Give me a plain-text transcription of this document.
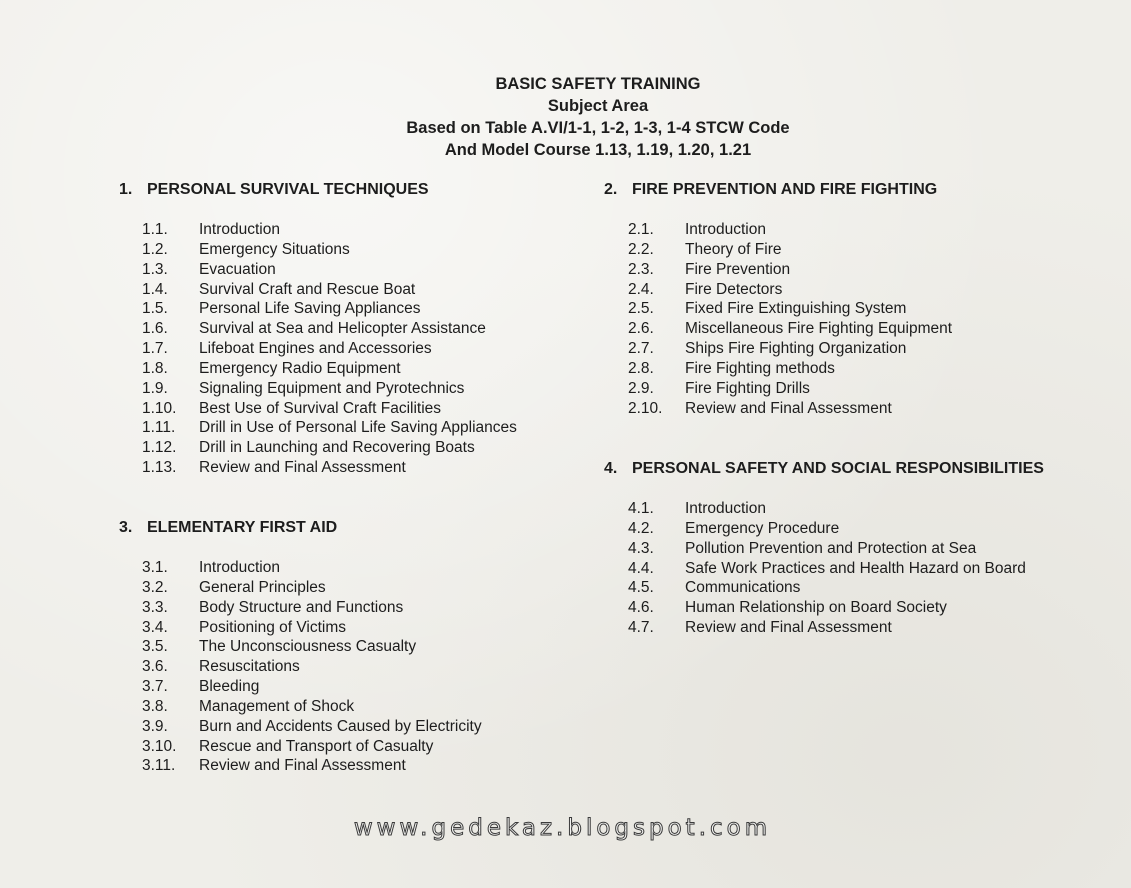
BASIC SAFETY TRAINING
Subject Area
Based on Table A.VI/1-1, 1-2, 1-3, 1-4 STCW Code
And Model Course 1.13, 1.19, 1.20, 1.21
1. PERSONAL SURVIVAL TECHNIQUES
1.1.	Introduction
1.2.	Emergency Situations
1.3.	Evacuation
1.4.	Survival Craft and Rescue Boat
1.5.	Personal Life Saving Appliances
1.6.	Survival at Sea and Helicopter Assistance
1.7.	Lifeboat Engines and Accessories
1.8.	Emergency Radio Equipment
1.9.	Signaling Equipment and Pyrotechnics
1.10.	Best Use of Survival Craft Facilities
1.11.	Drill in Use of Personal Life Saving Appliances
1.12.	Drill in Launching and Recovering Boats
1.13.	Review and Final Assessment
2. FIRE PREVENTION AND FIRE FIGHTING
2.1.	Introduction
2.2.	Theory of Fire
2.3.	Fire Prevention
2.4.	Fire Detectors
2.5.	Fixed Fire Extinguishing System
2.6.	Miscellaneous Fire Fighting Equipment
2.7.	Ships Fire Fighting Organization
2.8.	Fire Fighting methods
2.9.	Fire Fighting Drills
2.10.	Review and Final Assessment
3. ELEMENTARY FIRST AID
3.1.	Introduction
3.2.	General Principles
3.3.	Body Structure and Functions
3.4.	Positioning of Victims
3.5.	The Unconsciousness Casualty
3.6.	Resuscitations
3.7.	Bleeding
3.8.	Management of Shock
3.9.	Burn and Accidents Caused by Electricity
3.10.	Rescue and Transport of Casualty
3.11.	Review and Final Assessment
4. PERSONAL SAFETY AND SOCIAL RESPONSIBILITIES
4.1.	Introduction
4.2.	Emergency Procedure
4.3.	Pollution Prevention and Protection at Sea
4.4.	Safe Work Practices and Health Hazard on Board
4.5.	Communications
4.6.	Human Relationship on Board Society
4.7.	Review and Final Assessment
www.gedekaz.blogspot.com
